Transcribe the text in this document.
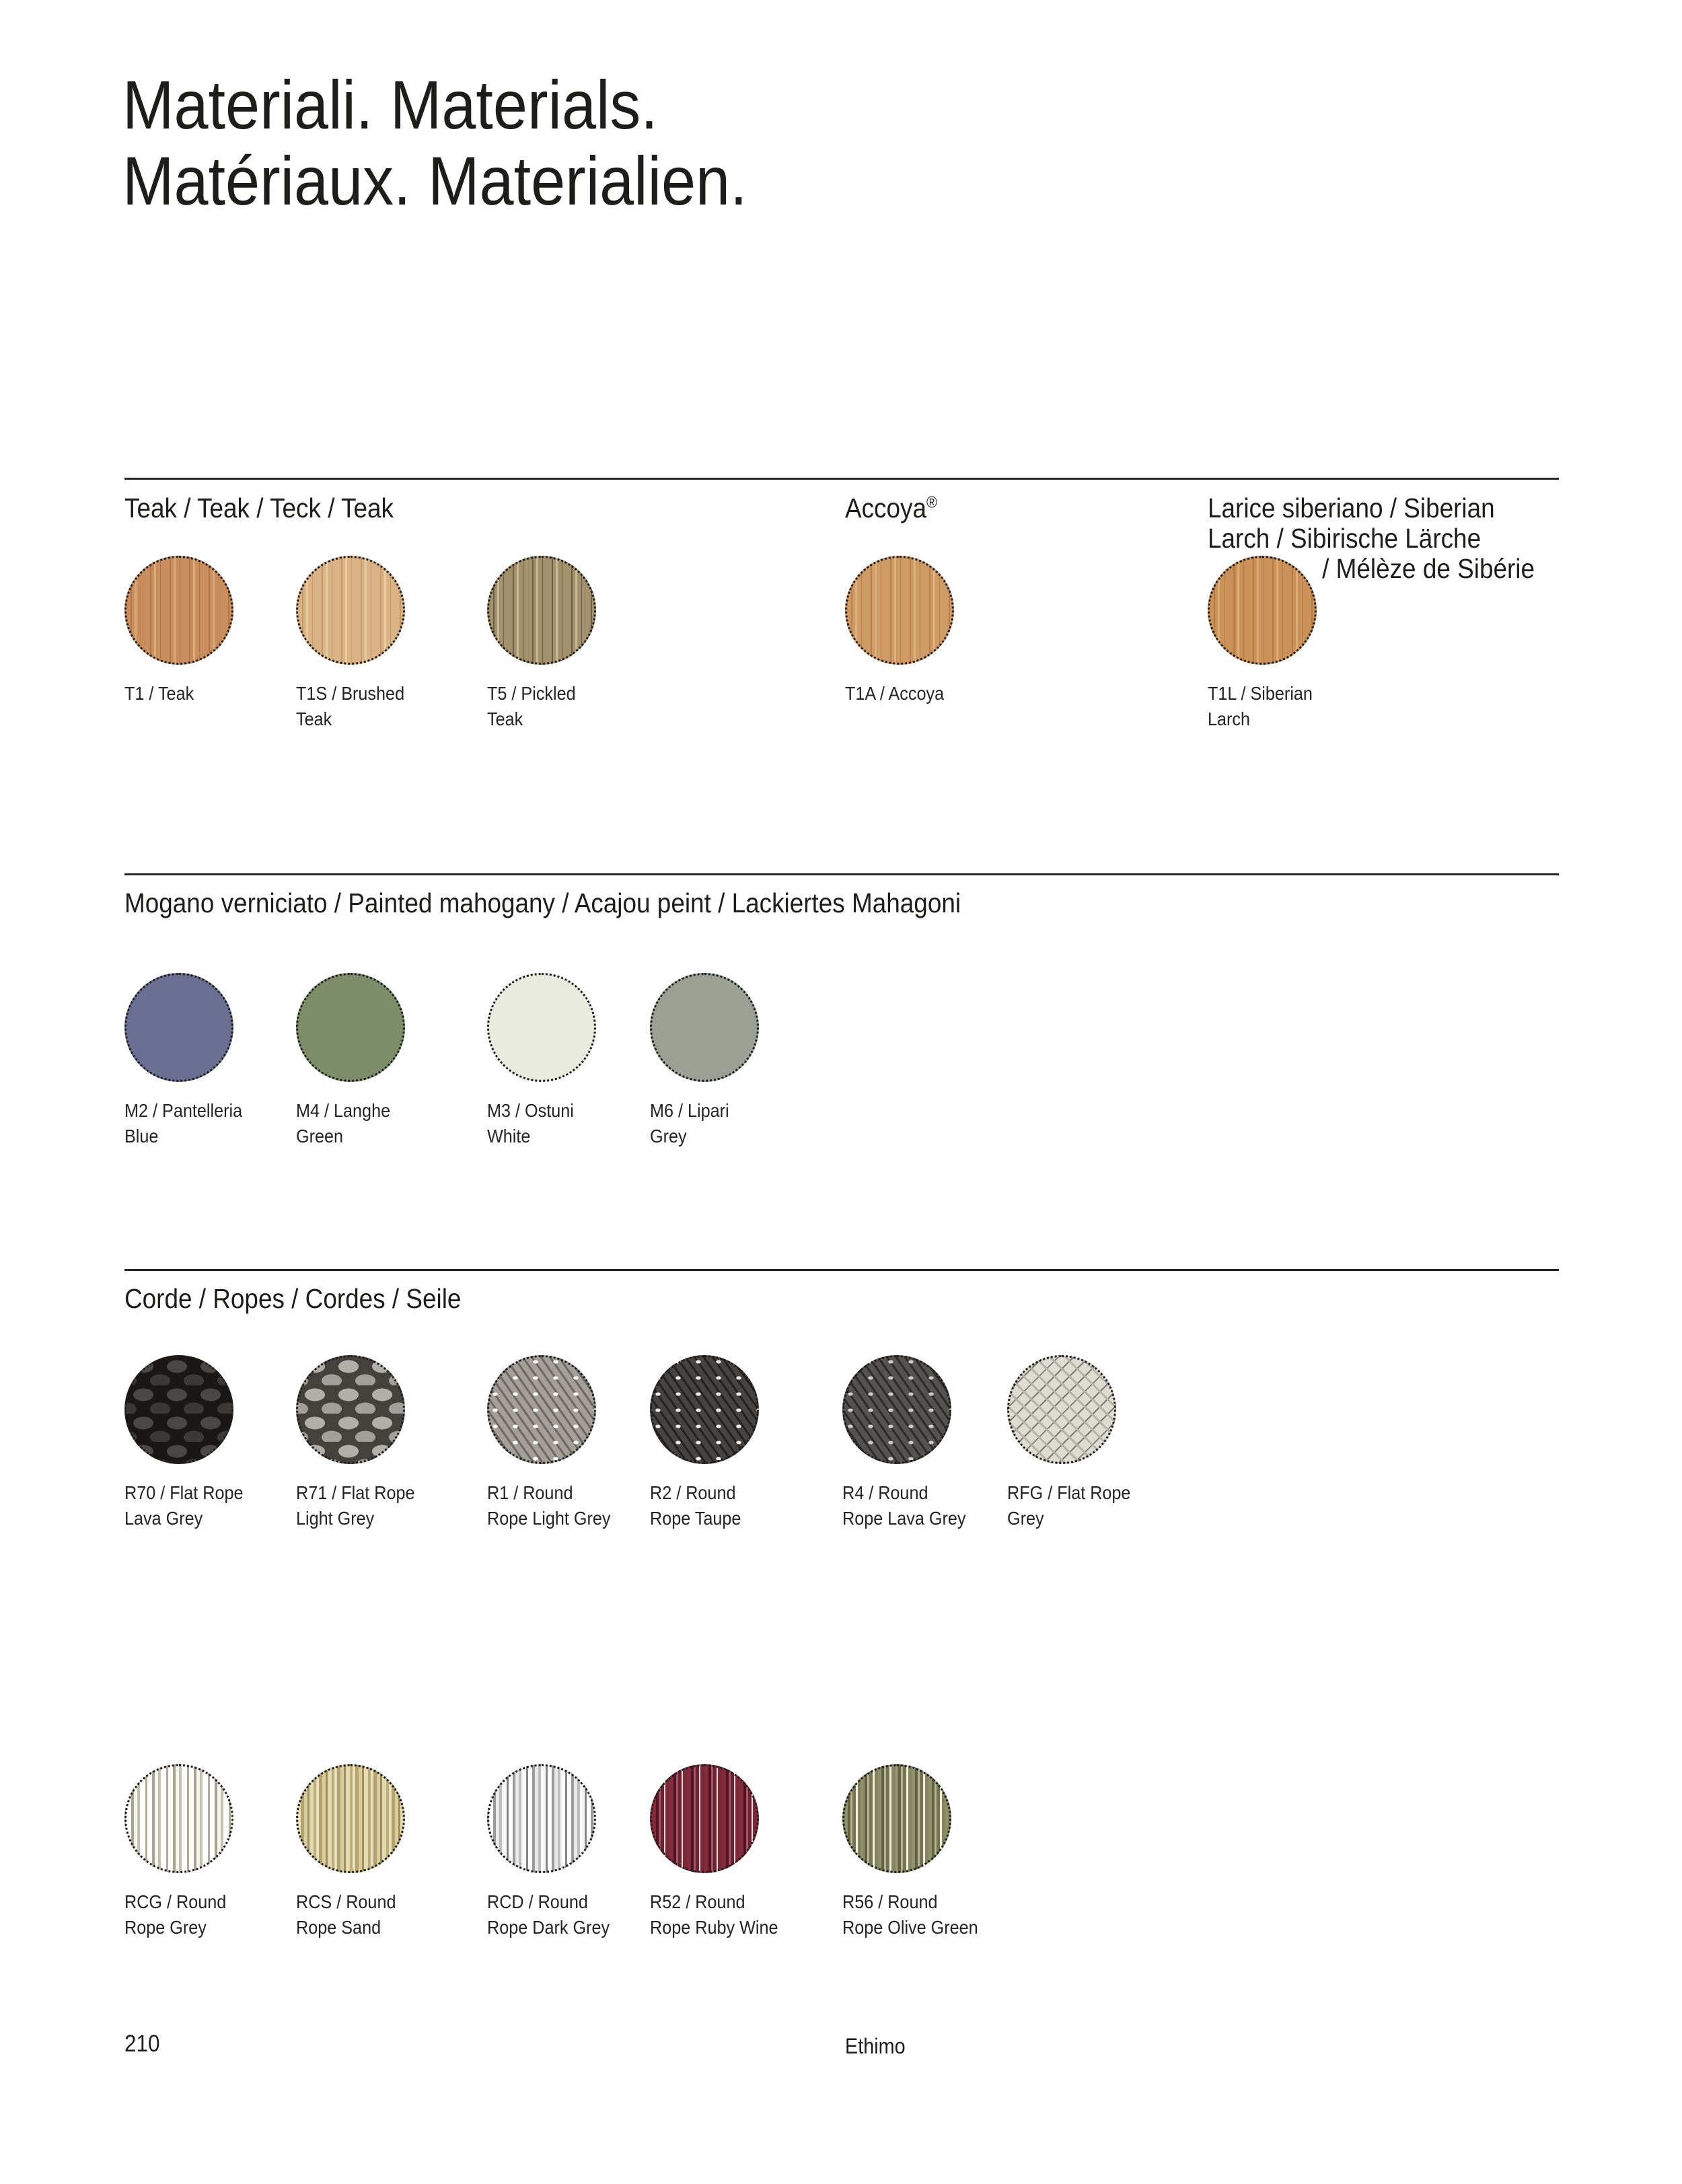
Materiali. Materials.
Matériaux. Materialien.
Teak / Teak / Teck / Teak	Accoya®	Larice siberiano / Siberian
Larch / Sibirische Lärche
/ Mélèze de Sibérie
T1 / Teak	T1S / Brushed
Teak
T5 / Pickled
Teak
T1A / Accoya	T1L / Siberian
Larch
Mogano verniciato / Painted mahogany / Acajou peint / Lackiertes Mahagoni
M2 / Pantelleria
Blue
M4 / Langhe
Green
M3 / Ostuni
White
M6 / Lipari
Grey
Corde / Ropes / Cordes / Seile
R70 / Flat Rope
Lava Grey
R71 / Flat Rope
Light Grey
R1 / Round
Rope Light Grey
R2 / Round
Rope Taupe
R4 / Round
Rope Lava Grey
RFG / Flat Rope
Grey
RCG / Round
Rope Grey
RCS / Round
Rope Sand
RCD / Round
Rope Dark Grey
R52 / Round
Rope Ruby Wine
R56 / Round
Rope Olive Green
210	Ethimo
